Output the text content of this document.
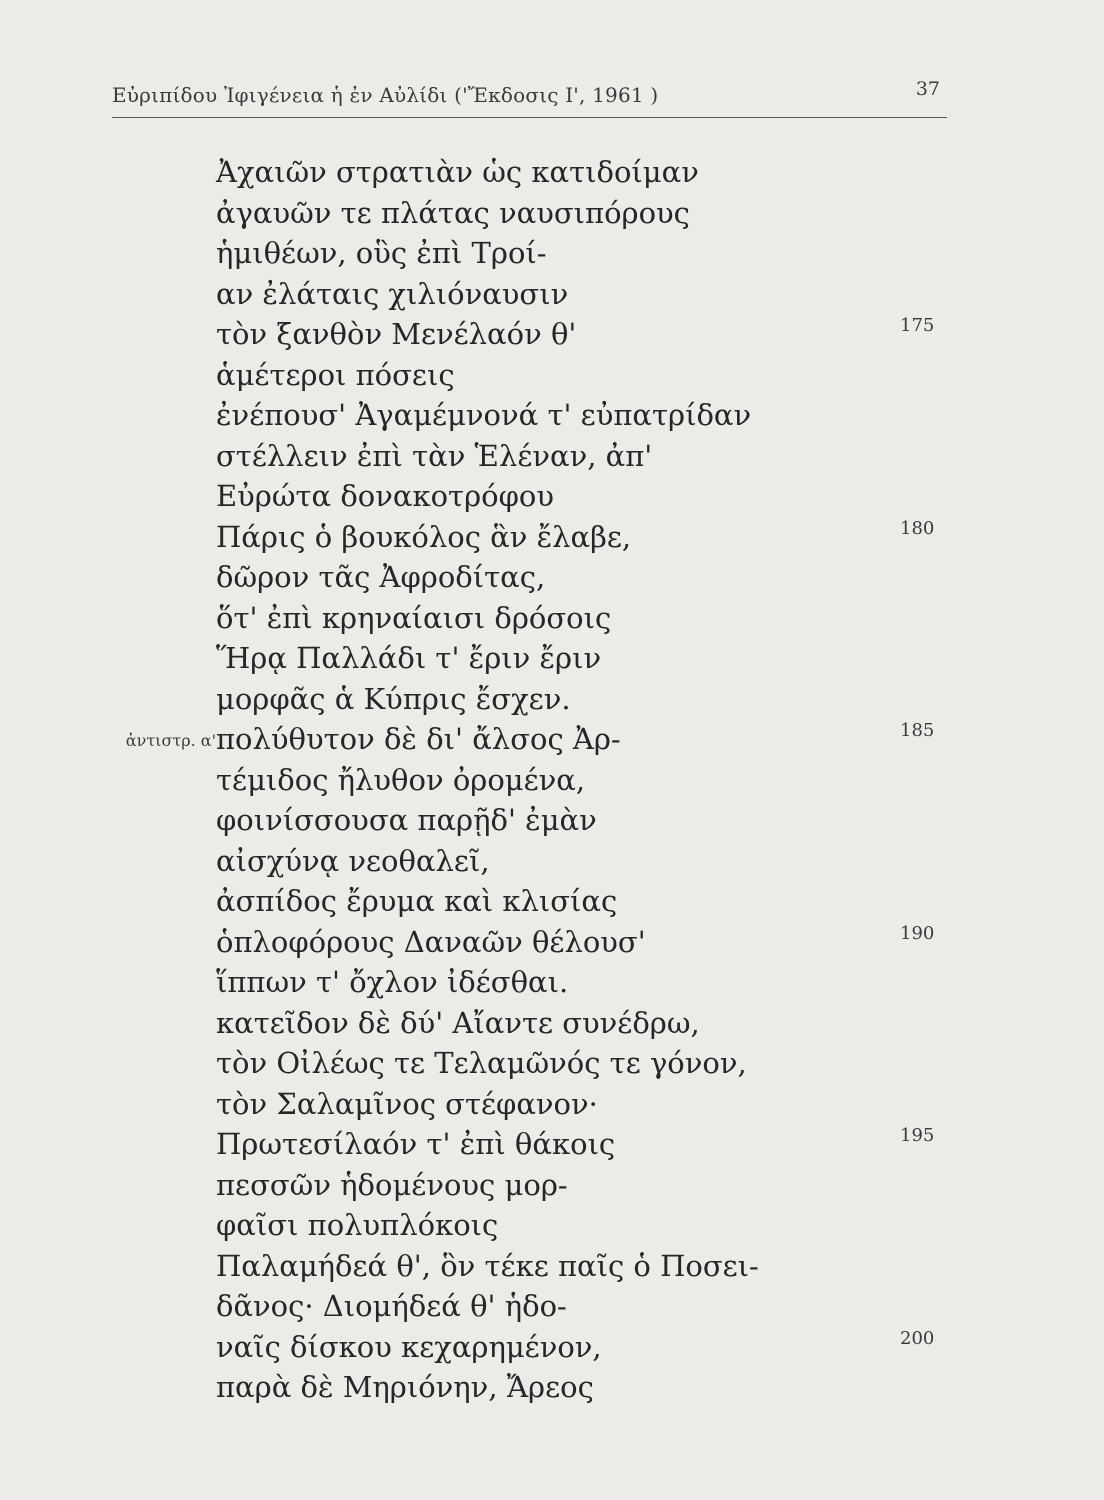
Εὐριπίδου Ἰφιγένεια ἡ ἐν Αὐλίδι ('Ἔκδοσις Ι', 1961 )	37
Ἀχαιῶν στρατιὰν ὡς κατιδοίμαν
ἀγαυῶν τε πλάτας ναυσιπόρους
ἡμιθέων, οὓς ἐπὶ Τροί-
αν ἐλάταις χιλιόναυσιν
τὸν ξανθὸν Μενέλαόν θ'	175
ἁμέτεροι πόσεις
ἐνέπουσ' Ἀγαμέμνονά τ' εὐπατρίδαν
στέλλειν ἐπὶ τὰν Ἑλέναν, ἀπ'
Εὐρώτα δονακοτρόφου
Πάρις ὁ βουκόλος ἃν ἔλαβε,	180
δῶρον τᾶς Ἀφροδίτας,
ὅτ' ἐπὶ κρηναίαισι δρόσοις
Ἥρᾳ Παλλάδι τ' ἔριν ἔριν
μορφᾶς ἁ Κύπρις ἔσχεν.
ἀντιστρ. α' πολύθυτον δὲ δι' ἄλσος Ἀρ-	185
τέμιδος ἤλυθον ὀρομένα,
φοινίσσουσα παρῇδ' ἐμὰν
αἰσχύνᾳ νεοθαλεῖ,
ἀσπίδος ἔρυμα καὶ κλισίας
ὁπλοφόρους Δαναῶν θέλουσ'	190
ἵππων τ' ὄχλον ἰδέσθαι.
κατεῖδον δὲ δύ' Αἴαντε συνέδρω,
τὸν Οἰλέως τε Τελαμῶνός τε γόνον,
τὸν Σαλαμῖνος στέφανον·
Πρωτεσίλαόν τ' ἐπὶ θάκοις	195
πεσσῶν ἡδομένους μορ-
φαῖσι πολυπλόκοις
Παλαμήδεά θ', ὃν τέκε παῖς ὁ Ποσει-
δᾶνος· Διομήδεά θ' ἡδο-
ναῖς δίσκου κεχαρημένον,	200
παρὰ δὲ Μηριόνην, Ἄρεος
